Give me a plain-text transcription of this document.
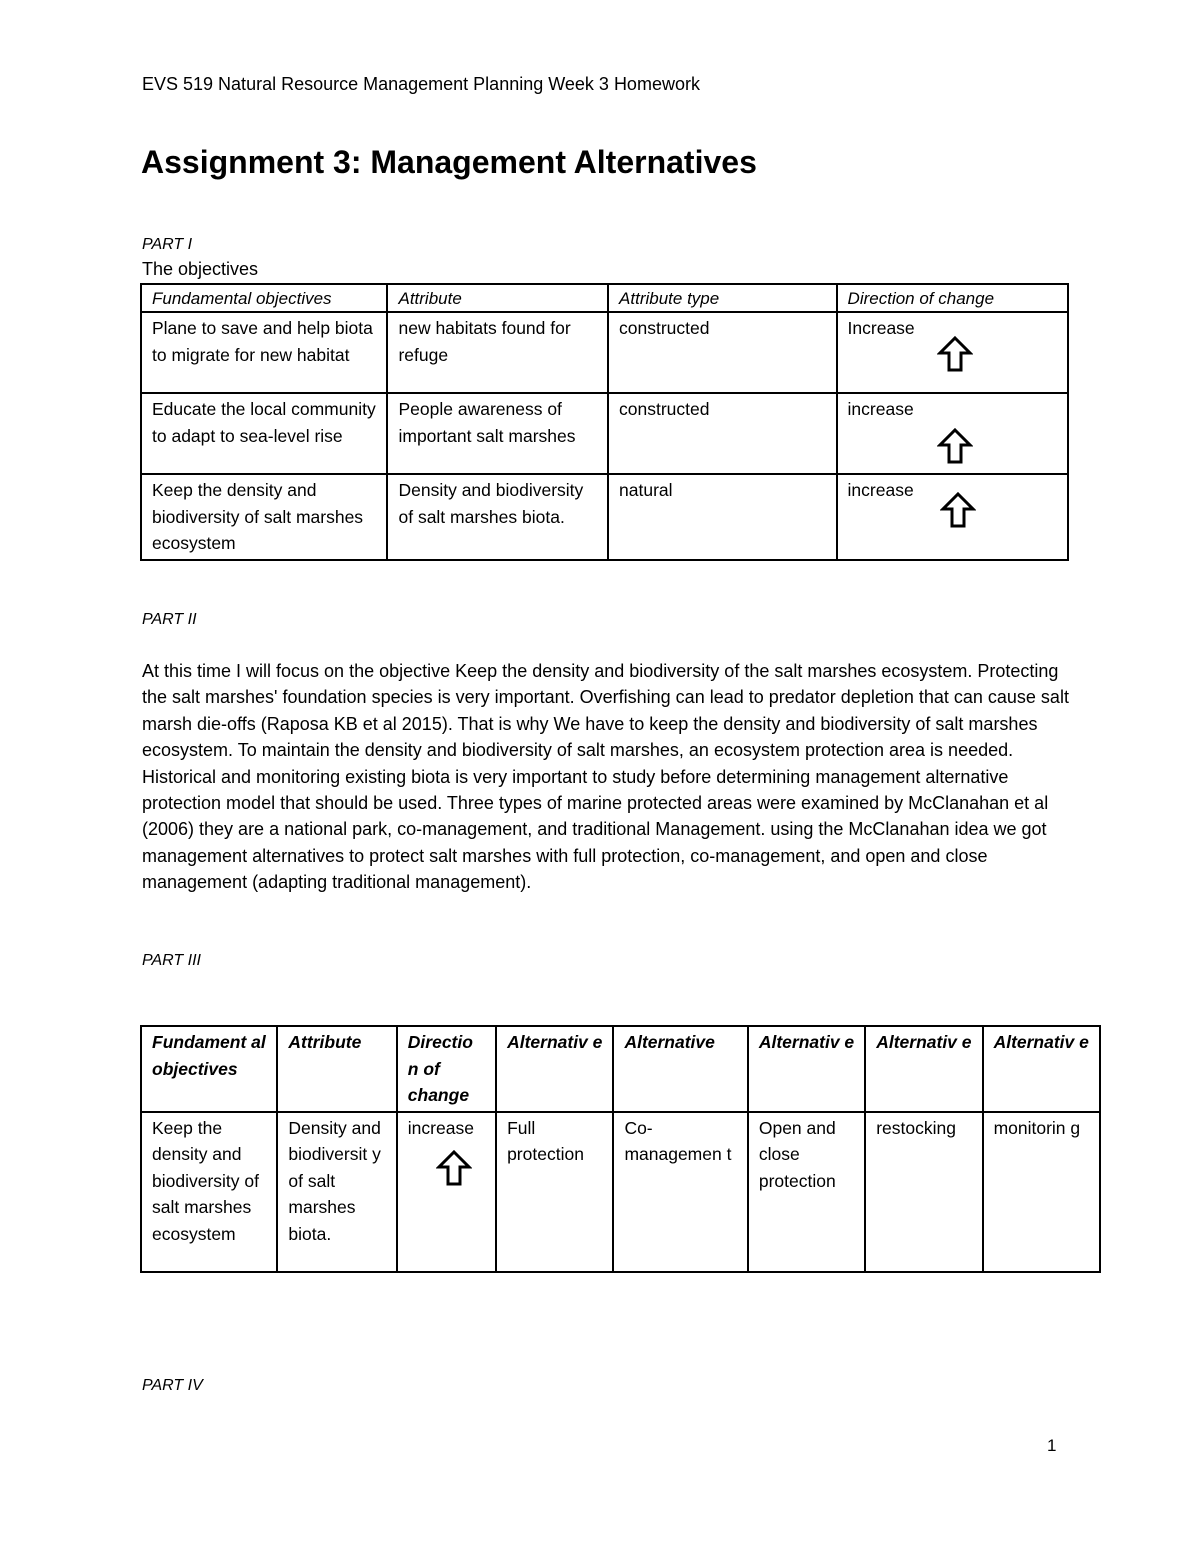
EVS 519 Natural Resource Management Planning Week 3 Homework
Assignment 3: Management Alternatives
PART I
The objectives
Fundamental objectives	Attribute	Attribute type	Direction of change
Plane to save and help biota to migrate for new habitat	new habitats found for refuge	constructed	Increase

Educate the local community to adapt to sea-level rise	People awareness of important salt marshes	constructed	increase

Keep the density and biodiversity of salt marshes ecosystem	Density and biodiversity of salt marshes biota.	natural	increase
PART II
At this time I will focus on the objective Keep the density and biodiversity of the salt marshes ecosystem. Protecting the salt marshes' foundation species is very important. Overfishing can lead to predator depletion that can cause salt marsh die-offs (Raposa KB et al 2015). That is why We have to keep the density and biodiversity of salt marshes ecosystem. To maintain the density and biodiversity of salt marshes, an ecosystem protection area is needed. Historical and monitoring existing biota is very important to study before determining management alternative protection model that should be used. Three types of marine protected areas were examined by McClanahan et al (2006) they are a national park, co-management, and traditional Management. using the McClanahan idea we got management alternatives to protect salt marshes with full protection, co-management, and open and close management (adapting traditional management).
PART III
Fundament al objectives	Attribute	Directio n of change	Alternativ e	Alternative	Alternativ e	Alternativ e	Alternativ e
Keep the density and biodiversity of salt marshes ecosystem	Density and biodiversit y of salt marshes biota.	increase	Full protection	Co-managemen t	Open and close protection	restocking	monitorin g
PART IV
1
